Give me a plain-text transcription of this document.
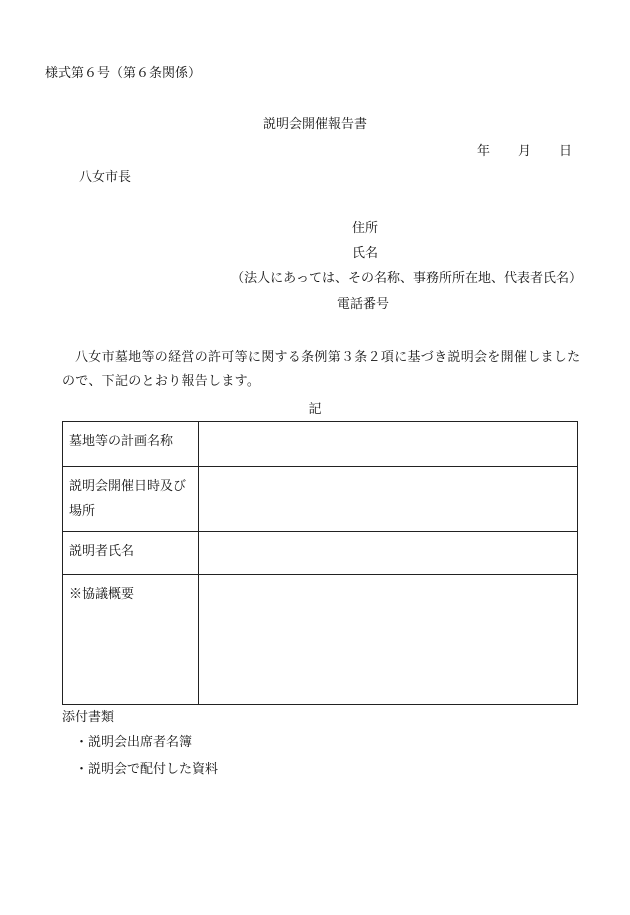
様式第６号（第６条関係）
説明会開催報告書
年 月 日
八女市長
住所
氏名
（法人にあっては、その名称、事務所所在地、代表者氏名）
電話番号
八女市墓地等の経営の許可等に関する条例第３条２項に基づき説明会を開催しましたので、下記のとおり報告します。
記
墓地等の計画名称	
説明会開催日時及び場所	
説明者氏名	
※協議概要	
添付書類
・説明会出席者名簿
・説明会で配付した資料
